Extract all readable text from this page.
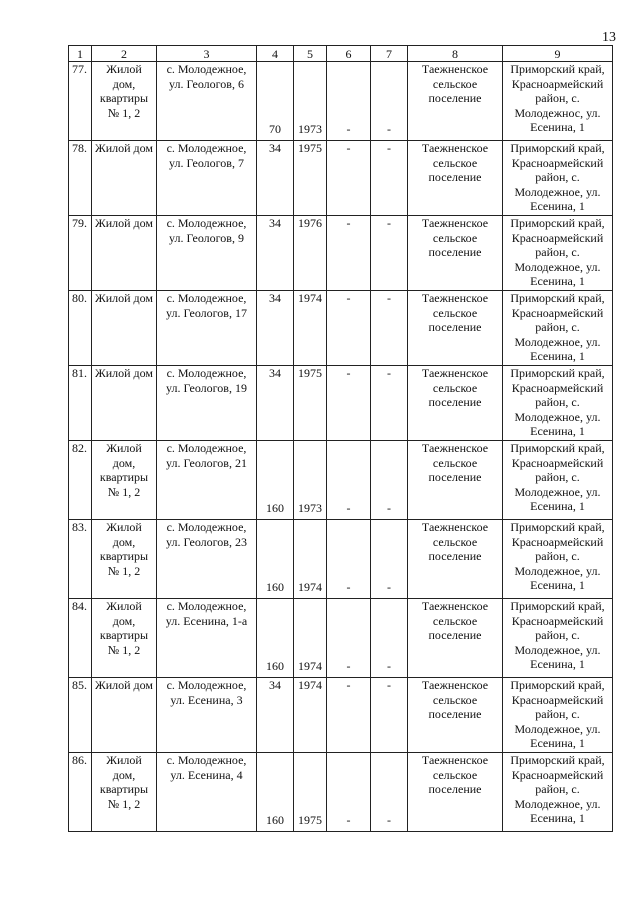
13
1	2	3	4	5	6	7	8	9
77.	Жилой дом, квартиры № 1, 2	с. Молодежное, ул. Геологов, 6	70	1973	-	-	Таежненское сельское поселение	Приморский край, Красноармейский район, с. Молодежнос, ул. Есенина, 1
78.	Жилой дом	с. Молодежное, ул. Геологов, 7	34	1975	-	-	Таежненское сельское поселение	Приморский край, Красноармейский район, с. Молодежное, ул. Есенина, 1
79.	Жилой дом	с. Молодежное, ул. Геологов, 9	34	1976	-	-	Таежненское сельское поселение	Приморский край, Красноармейский район, с. Молодежное, ул. Есенина, 1
80.	Жилой дом	с. Молодежное, ул. Геологов, 17	34	1974	-	-	Таежненское сельское поселение	Приморский край, Красноармейский район, с. Молодежное, ул. Есенина, 1
81.	Жилой дом	с. Молодежное, ул. Геологов, 19	34	1975	-	-	Таежненское сельское поселение	Приморский край, Красноармейский район, с. Молодежное, ул. Есенина, 1
82.	Жилой дом, квартиры № 1, 2	с. Молодежное, ул. Геологов, 21	160	1973	-	-	Таежненское сельское поселение	Приморский край, Красноармейский район, с. Молодежное, ул. Есенина, 1
83.	Жилой дом, квартиры № 1, 2	с. Молодежное, ул. Геологов, 23	160	1974	-	-	Таежненское сельское поселение	Приморский край, Красноармейский район, с. Молодежное, ул. Есенина, 1
84.	Жилой дом, квартиры № 1, 2	с. Молодежное, ул. Есенина, 1-а	160	1974	-	-	Таежненское сельское поселение	Приморский край, Красноармейский район, с. Молодежное, ул. Есенина, 1
85.	Жилой дом	с. Молодежное, ул. Есенина, 3	34	1974	-	-	Таежненское сельское поселение	Приморский край, Красноармейский район, с. Молодежное, ул. Есенина, 1
86.	Жилой дом, квартиры № 1, 2	с. Молодежное, ул. Есенина, 4	160	1975	-	-	Таежненское сельское поселение	Приморский край, Красноармейский район, с. Молодежное, ул. Есенина, 1
